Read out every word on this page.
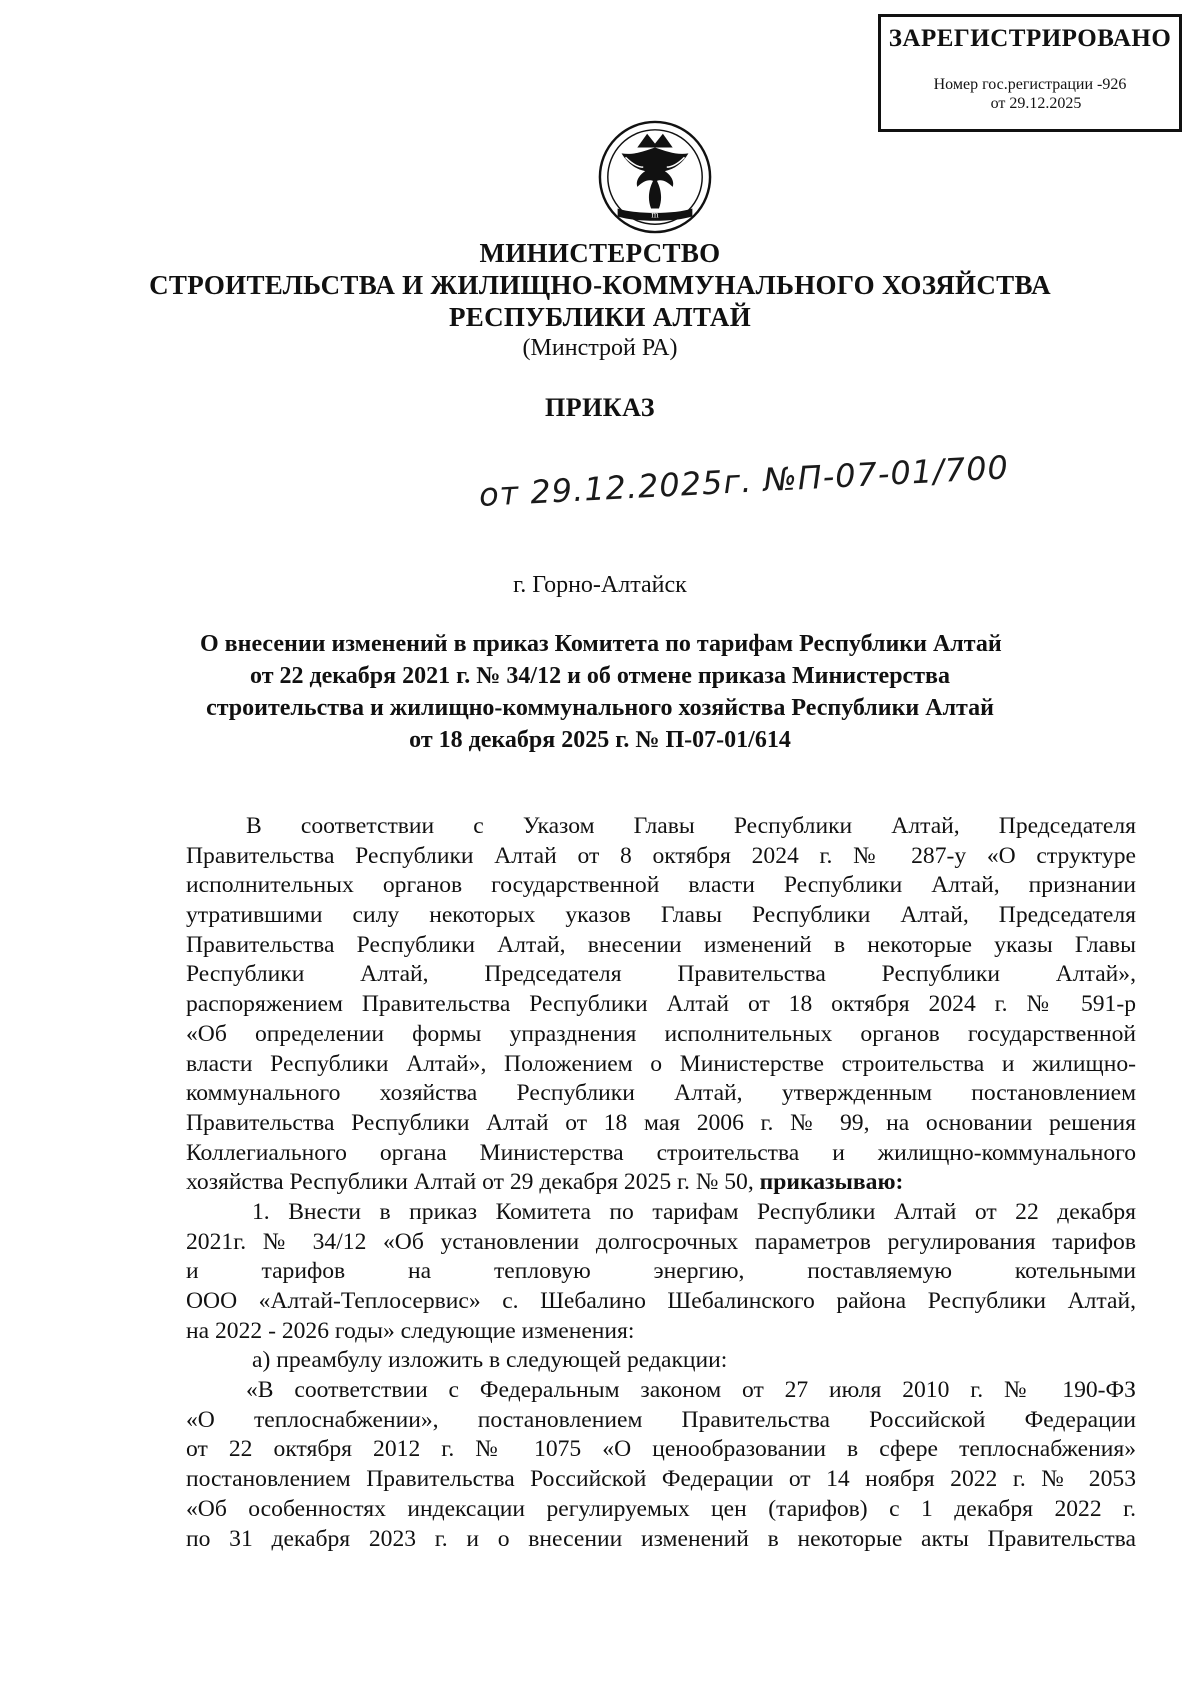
ЗАРЕГИСТРИРОВАНО
Номер гос.регистрации -926
от 29.12.2025
m
МИНИСТЕРСТВО
СТРОИТЕЛЬСТВА И ЖИЛИЩНО-КОММУНАЛЬНОГО ХОЗЯЙСТВА
РЕСПУБЛИКИ АЛТАЙ
(Минстрой РА)
ПРИКАЗ
от 29.12.2025г. №П-07-01/700
г. Горно-Алтайск
О внесении изменений в приказ Комитета по тарифам Республики Алтай
от 22 декабря 2021 г. № 34/12 и об отмене приказа Министерства
строительства и жилищно-коммунального хозяйства Республики Алтай
от 18 декабря 2025 г. № П-07-01/614
В соответствии с Указом Главы Республики Алтай, Председателя
Правительства Республики Алтай от 8 октября 2024 г. № 287-у «О структуре
исполнительных органов государственной власти Республики Алтай, признании
утратившими силу некоторых указов Главы Республики Алтай, Председателя
Правительства Республики Алтай, внесении изменений в некоторые указы Главы
Республики Алтай, Председателя Правительства Республики Алтай»,
распоряжением Правительства Республики Алтай от 18 октября 2024 г. № 591-р
«Об определении формы упразднения исполнительных органов государственной
власти Республики Алтай», Положением о Министерстве строительства и жилищно-
коммунального хозяйства Республики Алтай, утвержденным постановлением
Правительства Республики Алтай от 18 мая 2006 г. № 99, на основании решения
Коллегиального органа Министерства строительства и жилищно-коммунального
хозяйства Республики Алтай от 29 декабря 2025 г. № 50, приказываю:
1. Внести в приказ Комитета по тарифам Республики Алтай от 22 декабря
2021г. № 34/12 «Об установлении долгосрочных параметров регулирования тарифов
и тарифов на тепловую энергию, поставляемую котельными
ООО «Алтай-Теплосервис» с. Шебалино Шебалинского района Республики Алтай,
на 2022 - 2026 годы» следующие изменения:
а) преамбулу изложить в следующей редакции:
«В соответствии с Федеральным законом от 27 июля 2010 г. № 190-ФЗ
«О теплоснабжении», постановлением Правительства Российской Федерации
от 22 октября 2012 г. № 1075 «О ценообразовании в сфере теплоснабжения»
постановлением Правительства Российской Федерации от 14 ноября 2022 г. № 2053
«Об особенностях индексации регулируемых цен (тарифов) с 1 декабря 2022 г.
по 31 декабря 2023 г. и о внесении изменений в некоторые акты Правительства
